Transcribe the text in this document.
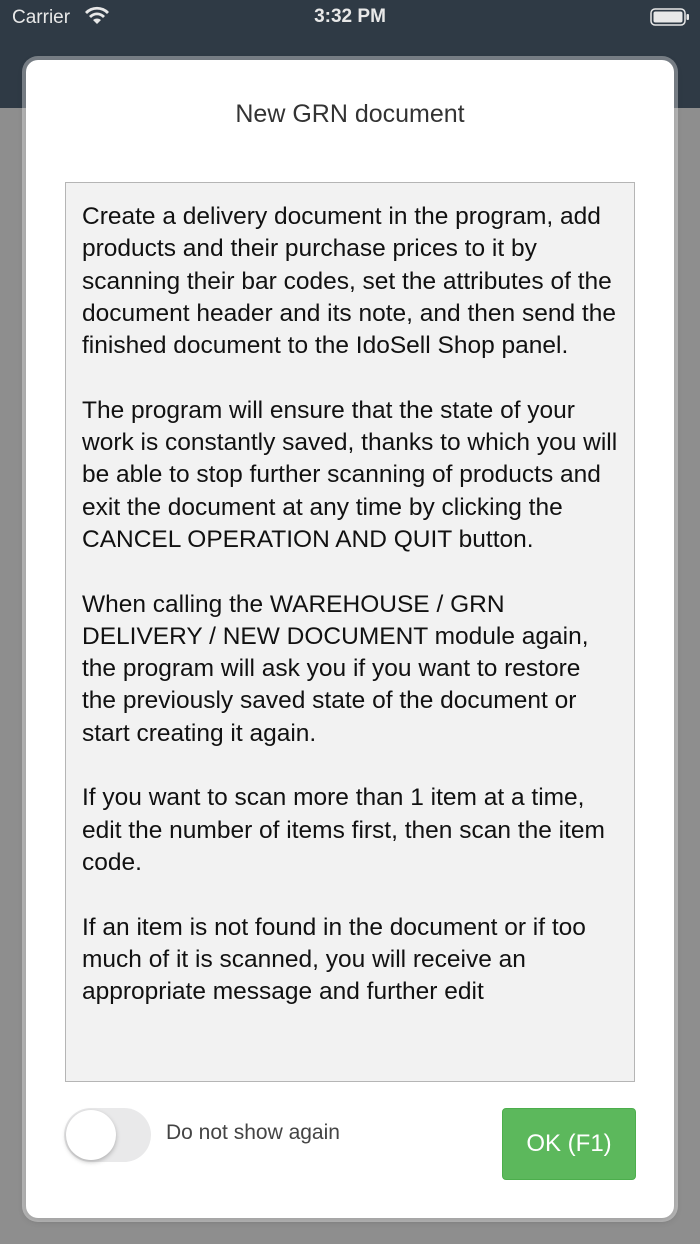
Carrier	3:32 PM
New GRN document

Create a delivery document in the program, add products and their purchase prices to it by scanning their bar codes, set the attributes of the document header and its note, and then send the finished document to the IdoSell Shop panel.

The program will ensure that the state of your work is constantly saved, thanks to which you will be able to stop further scanning of products and exit the document at any time by clicking the CANCEL OPERATION AND QUIT button.

When calling the WAREHOUSE / GRN DELIVERY / NEW DOCUMENT module again, the program will ask you if you want to restore the previously saved state of the document or start creating it again.

If you want to scan more than 1 item at a time, edit the number of items first, then scan the item code.

If an item is not found in the document or if too much of it is scanned, you will receive an appropriate message and further edit

Do not show again	OK (F1)
